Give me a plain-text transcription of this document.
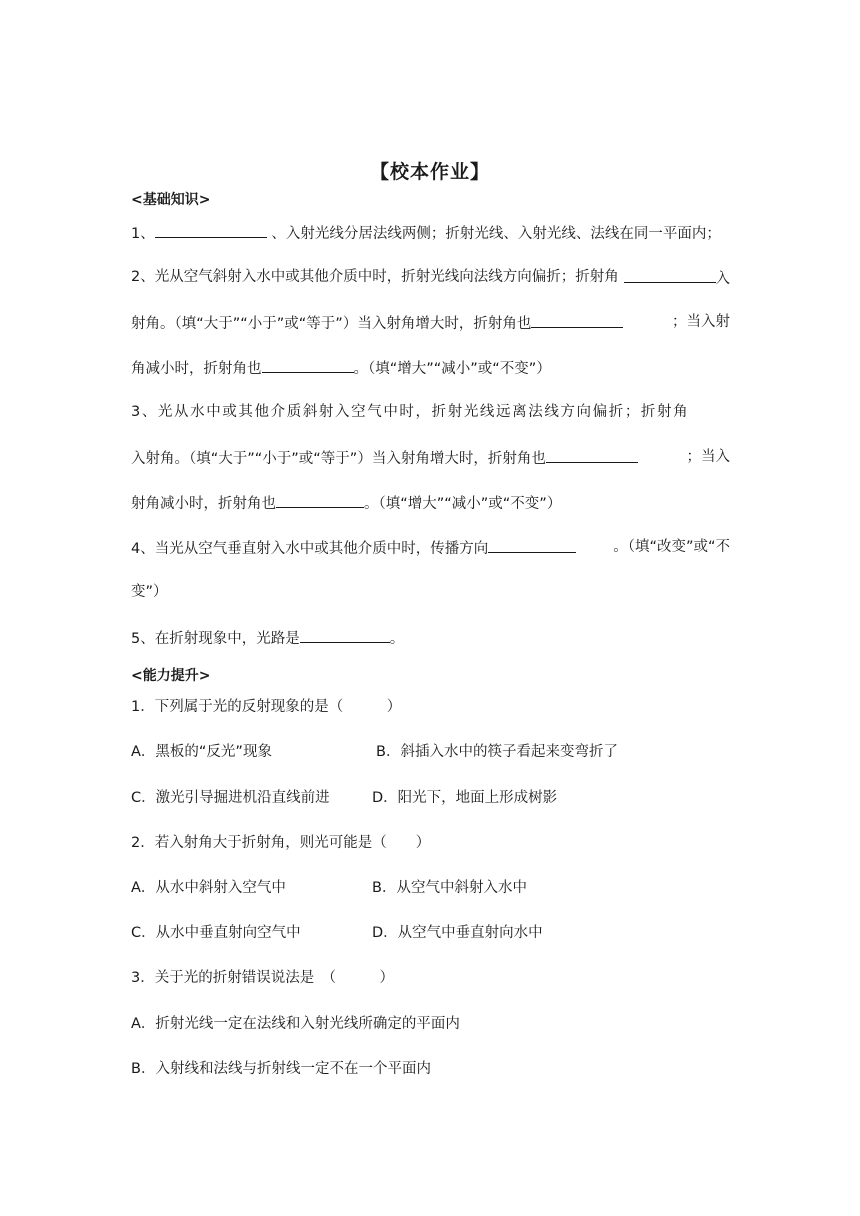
【校本作业】
<基础知识>
1、	、入射光线分居法线两侧；折射光线、入射光线、法线在同一平面内；
2、光从空气斜射入水中或其他介质中时，折射光线向法线方向偏折；折射角	入
射角。（填“大于”“小于”或“等于”）当入射角增大时，折射角也	；当入射
角减小时，折射角也	。（填“增大”“减小”或“不变”）
3、光从水中或其他介质斜射入空气中时，折射光线远离法线方向偏折；折射角
入射角。（填“大于”“小于”或“等于”）当入射角增大时，折射角也	；当入
射角减小时，折射角也	。（填“增大”“减小”或“不变”）
4、当光从空气垂直射入水中或其他介质中时，传播方向	。（填“改变”或“不
变”）
5、在折射现象中，光路是	。
<能力提升>
1．下列属于光的反射现象的是（　　　）
A．黑板的“反光”现象	B．斜插入水中的筷子看起来变弯折了
C．激光引导掘进机沿直线前进	D．阳光下，地面上形成树影
2．若入射角大于折射角，则光可能是（　　）
A．从水中斜射入空气中	B．从空气中斜射入水中
C．从水中垂直射向空气中	D．从空气中垂直射向水中
3．关于光的折射错误说法是　（　　　）
A．折射光线一定在法线和入射光线所确定的平面内
B．入射线和法线与折射线一定不在一个平面内
